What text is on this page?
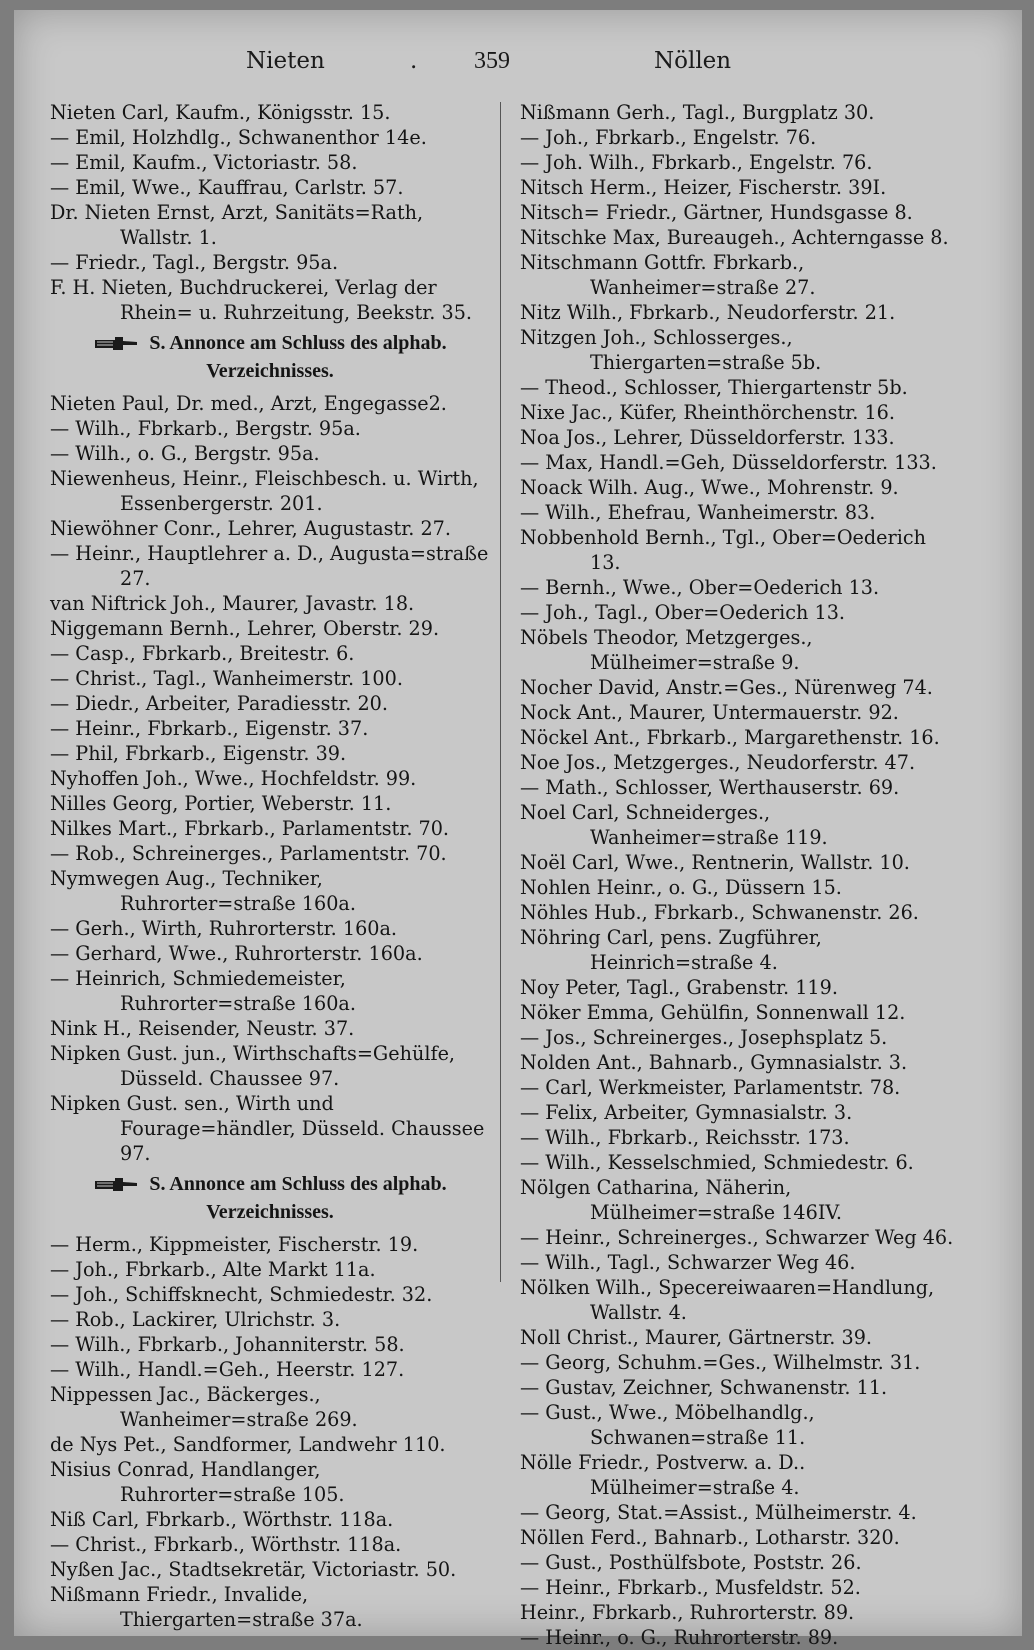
Nieten	. 359	Nöllen
Nieten Carl, Kaufm., Königsstr. 15.
— Emil, Holzhdlg., Schwanenthor 14e.
— Emil, Kaufm., Victoriastr. 58.
— Emil, Wwe., Kauffrau, Carlstr. 57.
Dr. Nieten Ernst, Arzt, Sanitäts=Rath, Wallstr. 1.
— Friedr., Tagl., Bergstr. 95a.
F. H. Nieten, Buchdruckerei, Verlag der Rhein= u. Ruhrzeitung, Beekstr. 35.
S. Annonce am Schluss des alphab. Verzeichnisses.
Nieten Paul, Dr. med., Arzt, Engegasse2.
— Wilh., Fbrkarb., Bergstr. 95a.
— Wilh., o. G., Bergstr. 95a.
Niewenheus, Heinr., Fleischbesch. u. Wirth, Essenbergerstr. 201.
Niewöhner Conr., Lehrer, Augustastr. 27.
— Heinr., Hauptlehrer a. D., Augusta=straße 27.
van Niftrick Joh., Maurer, Javastr. 18.
Niggemann Bernh., Lehrer, Oberstr. 29.
— Casp., Fbrkarb., Breitestr. 6.
— Christ., Tagl., Wanheimerstr. 100.
— Diedr., Arbeiter, Paradiesstr. 20.
— Heinr., Fbrkarb., Eigenstr. 37.
— Phil, Fbrkarb., Eigenstr. 39.
Nyhoffen Joh., Wwe., Hochfeldstr. 99.
Nilles Georg, Portier, Weberstr. 11.
Nilkes Mart., Fbrkarb., Parlamentstr. 70.
— Rob., Schreinerges., Parlamentstr. 70.
Nymwegen Aug., Techniker, Ruhrorter=straße 160a.
— Gerh., Wirth, Ruhrorterstr. 160a.
— Gerhard, Wwe., Ruhrorterstr. 160a.
— Heinrich, Schmiedemeister, Ruhrorter=straße 160a.
Nink H., Reisender, Neustr. 37.
Nipken Gust. jun., Wirthschafts=Gehülfe, Düsseld. Chaussee 97.
Nipken Gust. sen., Wirth und Fourage=händler, Düsseld. Chaussee 97.
S. Annonce am Schluss des alphab. Verzeichnisses.
— Herm., Kippmeister, Fischerstr. 19.
— Joh., Fbrkarb., Alte Markt 11a.
— Joh., Schiffsknecht, Schmiedestr. 32.
— Rob., Lackirer, Ulrichstr. 3.
— Wilh., Fbrkarb., Johanniterstr. 58.
— Wilh., Handl.=Geh., Heerstr. 127.
Nippessen Jac., Bäckerges., Wanheimer=straße 269.
de Nys Pet., Sandformer, Landwehr 110.
Nisius Conrad, Handlanger, Ruhrorter=straße 105.
Niß Carl, Fbrkarb., Wörthstr. 118a.
— Christ., Fbrkarb., Wörthstr. 118a.
Nyßen Jac., Stadtsekretär, Victoriastr. 50.
Nißmann Friedr., Invalide, Thiergarten=straße 37a.
Nißmann Gerh., Tagl., Burgplatz 30.
— Joh., Fbrkarb., Engelstr. 76.
— Joh. Wilh., Fbrkarb., Engelstr. 76.
Nitsch Herm., Heizer, Fischerstr. 39I.
Nitsch= Friedr., Gärtner, Hundsgasse 8.
Nitschke Max, Bureaugeh., Achterngasse 8.
Nitschmann Gottfr. Fbrkarb., Wanheimer=straße 27.
Nitz Wilh., Fbrkarb., Neudorferstr. 21.
Nitzgen Joh., Schlosserges., Thiergarten=straße 5b.
— Theod., Schlosser, Thiergartenstr 5b.
Nixe Jac., Küfer, Rheinthörchenstr. 16.
Noa Jos., Lehrer, Düsseldorferstr. 133.
— Max, Handl.=Geh, Düsseldorferstr. 133.
Noack Wilh. Aug., Wwe., Mohrenstr. 9.
— Wilh., Ehefrau, Wanheimerstr. 83.
Nobbenhold Bernh., Tgl., Ober=Oederich 13.
— Bernh., Wwe., Ober=Oederich 13.
— Joh., Tagl., Ober=Oederich 13.
Nöbels Theodor, Metzgerges., Mülheimer=straße 9.
Nocher David, Anstr.=Ges., Nürenweg 74.
Nock Ant., Maurer, Untermauerstr. 92.
Nöckel Ant., Fbrkarb., Margarethenstr. 16.
Noe Jos., Metzgerges., Neudorferstr. 47.
— Math., Schlosser, Werthauserstr. 69.
Noel Carl, Schneiderges., Wanheimer=straße 119.
Noël Carl, Wwe., Rentnerin, Wallstr. 10.
Nohlen Heinr., o. G., Düssern 15.
Nöhles Hub., Fbrkarb., Schwanenstr. 26.
Nöhring Carl, pens. Zugführer, Heinrich=straße 4.
Noy Peter, Tagl., Grabenstr. 119.
Nöker Emma, Gehülfin, Sonnenwall 12.
— Jos., Schreinerges., Josephsplatz 5.
Nolden Ant., Bahnarb., Gymnasialstr. 3.
— Carl, Werkmeister, Parlamentstr. 78.
— Felix, Arbeiter, Gymnasialstr. 3.
— Wilh., Fbrkarb., Reichsstr. 173.
— Wilh., Kesselschmied, Schmiedestr. 6.
Nölgen Catharina, Näherin, Mülheimer=straße 146IV.
— Heinr., Schreinerges., Schwarzer Weg 46.
— Wilh., Tagl., Schwarzer Weg 46.
Nölken Wilh., Specereiwaaren=Handlung, Wallstr. 4.
Noll Christ., Maurer, Gärtnerstr. 39.
— Georg, Schuhm.=Ges., Wilhelmstr. 31.
— Gustav, Zeichner, Schwanenstr. 11.
— Gust., Wwe., Möbelhandlg., Schwanen=straße 11.
Nölle Friedr., Postverw. a. D.. Mülheimer=straße 4.
— Georg, Stat.=Assist., Mülheimerstr. 4.
Nöllen Ferd., Bahnarb., Lotharstr. 320.
— Gust., Posthülfsbote, Poststr. 26.
— Heinr., Fbrkarb., Musfeldstr. 52.
Heinr., Fbrkarb., Ruhrorterstr. 89.
— Heinr., o. G., Ruhrorterstr. 89.
